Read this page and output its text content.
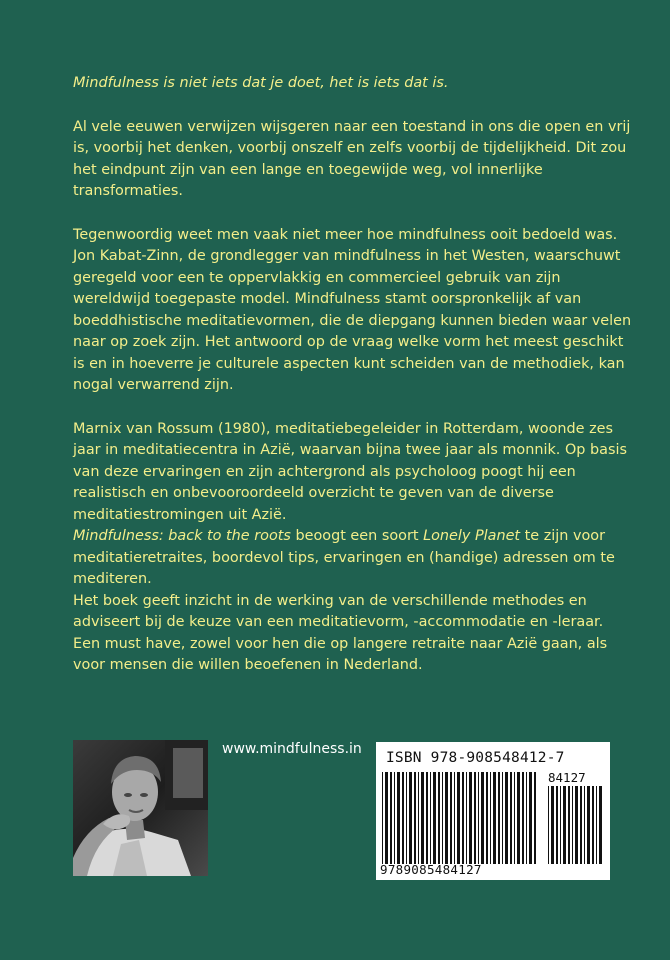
Mindfulness is niet iets dat je doet, het is iets dat is.

Al vele eeuwen verwijzen wijsgeren naar een toestand in ons die open en vrij is, voorbij het denken, voorbij onszelf en zelfs voorbij de tijdelijkheid. Dit zou het eindpunt zijn van een lange en toegewijde weg, vol innerlijke transformaties.

Tegenwoordig weet men vaak niet meer hoe mindfulness ooit bedoeld was. Jon Kabat-Zinn, de grondlegger van mindfulness in het Westen, waarschuwt geregeld voor een te oppervlakkig en commercieel gebruik van zijn wereldwijd toegepaste model. Mindfulness stamt oorspronkelijk af van boeddhistische meditatievormen, die de diepgang kunnen bieden waar velen naar op zoek zijn. Het antwoord op de vraag welke vorm het meest geschikt is en in hoeverre je culturele aspecten kunt scheiden van de methodiek, kan nogal verwarrend zijn.

Marnix van Rossum (1980), meditatiebegeleider in Rotterdam, woonde zes jaar in meditatiecentra in Azië, waarvan bijna twee jaar als monnik. Op basis van deze ervaringen en zijn achtergrond als psycholoog poogt hij een realistisch en onbevooroordeeld overzicht te geven van de diverse meditatiestromingen uit Azië.

Mindfulness: back to the roots beoogt een soort Lonely Planet te zijn voor meditatieretraites, boordevol tips, ervaringen en (handige) adressen om te mediteren.

Het boek geeft inzicht in de werking van de verschillende methodes en adviseert bij de keuze van een meditatievorm, -accommodatie en -leraar. Een must have, zowel voor hen die op langere retraite naar Azië gaan, als voor mensen die willen beoefenen in Nederland.

www.mindfulness.in
ISBN 978-908548412-7
84127
9789085484127
